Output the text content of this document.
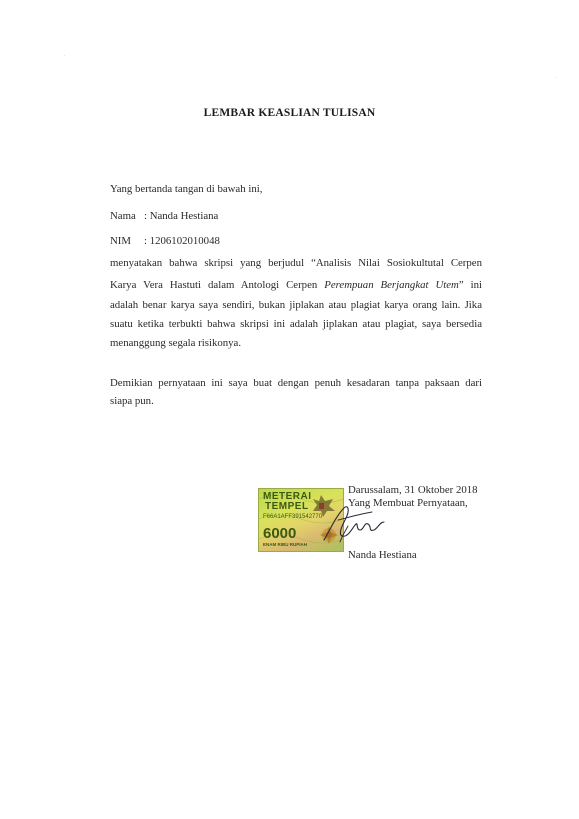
.
.
LEMBAR KEASLIAN TULISAN
Yang bertanda tangan di bawah ini,
Nama : Nanda Hestiana
NIM : 1206102010048
menyatakan bahwa skripsi yang berjudul “Analisis Nilai Sosiokultutal Cerpen
Karya Vera Hastuti dalam Antologi Cerpen Perempuan Berjangkat Utem” ini
adalah benar karya saya sendiri, bukan jiplakan atau plagiat karya orang lain. Jika
suatu ketika terbukti bahwa skripsi ini adalah jiplakan atau plagiat, saya bersedia
menanggung segala risikonya.
Demikian pernyataan ini saya buat dengan penuh kesadaran tanpa paksaan dari
siapa pun.
Darussalam, 31 Oktober 2018
Yang Membuat Pernyataan,
METERAI
TEMPEL
F66A1AFF391542770
6000
ENAM RIBU RUPIAH
Nanda Hestiana
